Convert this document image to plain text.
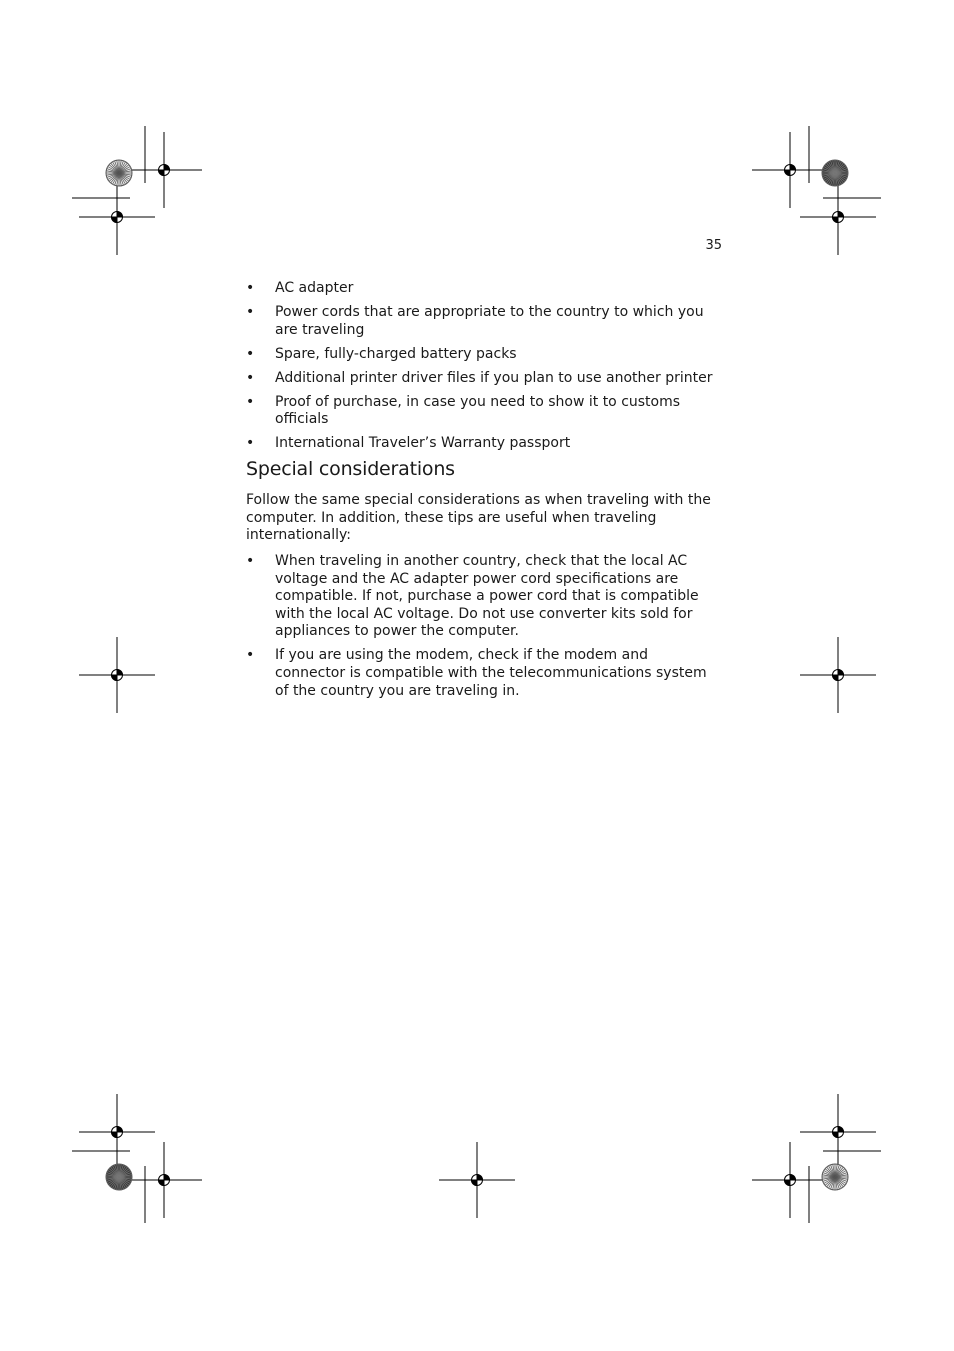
35
• AC adapter
• Power cords that are appropriate to the country to which you are traveling
• Spare, fully-charged battery packs
• Additional printer driver files if you plan to use another printer
• Proof of purchase, in case you need to show it to customs officials
• International Traveler’s Warranty passport
Special considerations

Follow the same special considerations as when traveling with the computer. In addition, these tips are useful when traveling internationally:

• When traveling in another country, check that the local AC voltage and the AC adapter power cord specifications are compatible. If not, purchase a power cord that is compatible with the local AC voltage. Do not use converter kits sold for appliances to power the computer.
• If you are using the modem, check if the modem and connector is compatible with the telecommunications system of the country you are traveling in.
